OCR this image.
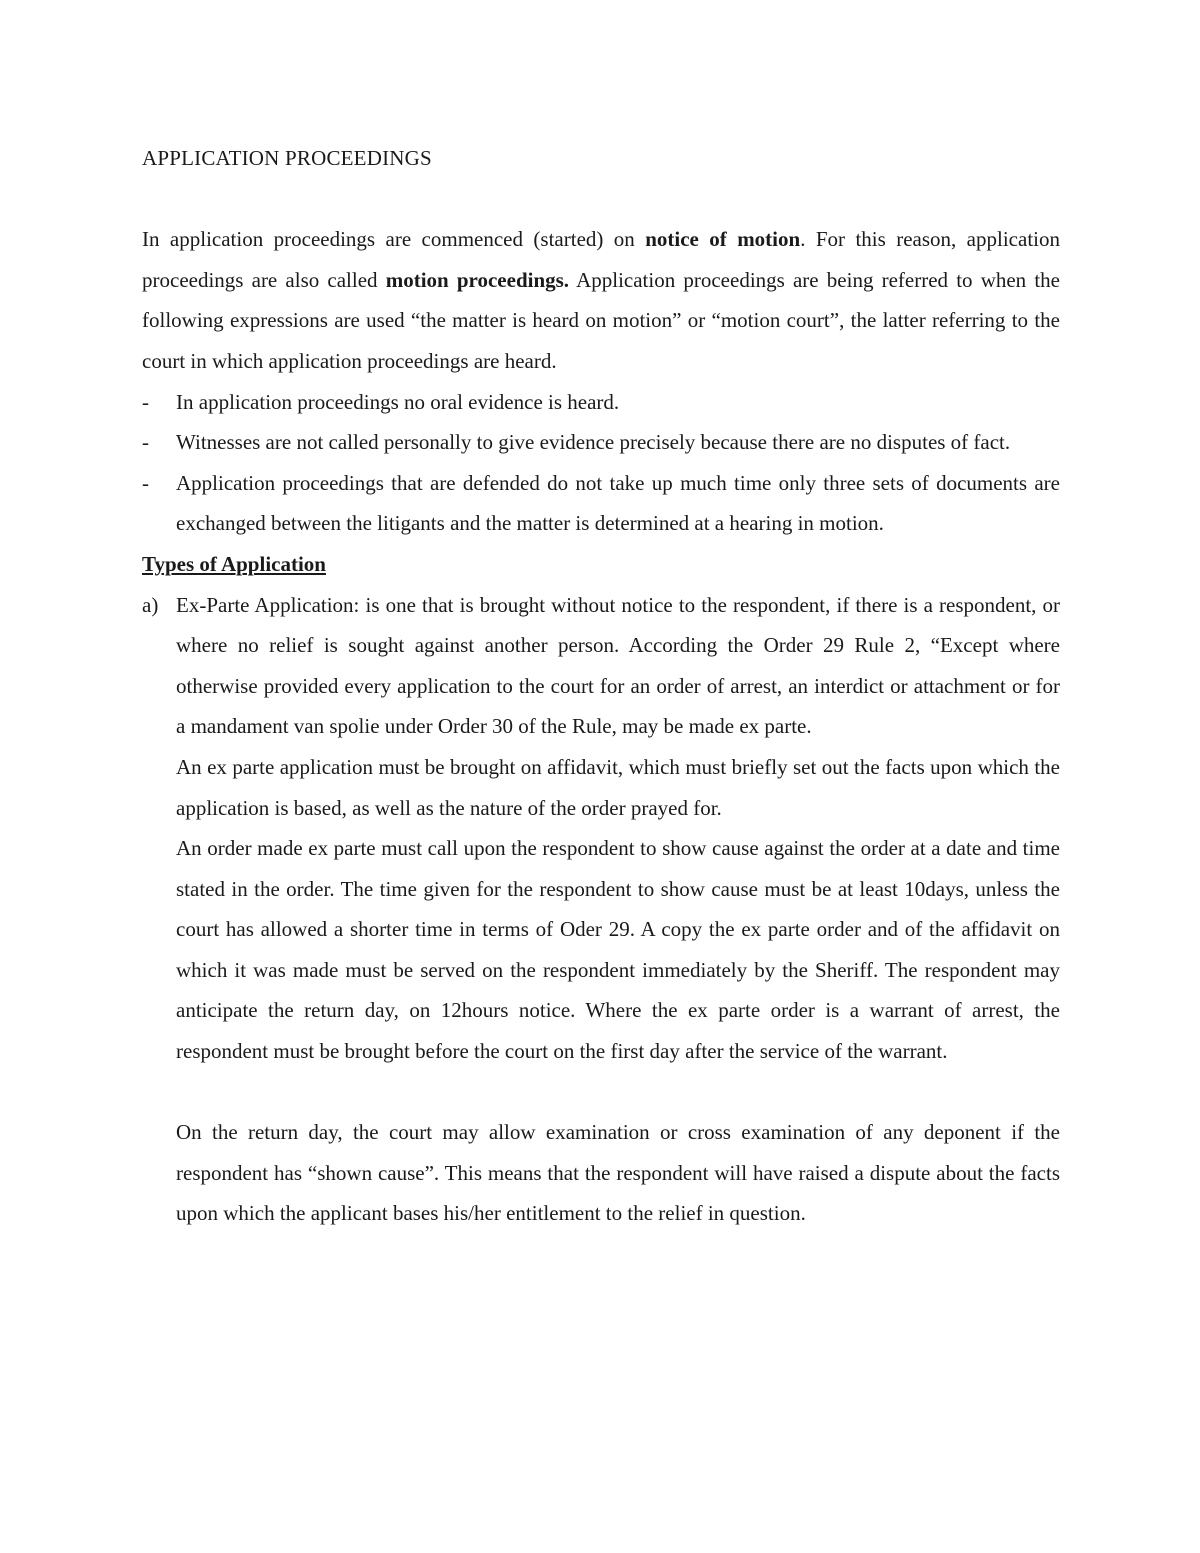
APPLICATION PROCEEDINGS

In application proceedings are commenced (started) on notice of motion. For this reason, application proceedings are also called motion proceedings. Application proceedings are being referred to when the following expressions are used “the matter is heard on motion” or “motion court”, the latter referring to the court in which application proceedings are heard.

- In application proceedings no oral evidence is heard.
- Witnesses are not called personally to give evidence precisely because there are no disputes of fact.
- Application proceedings that are defended do not take up much time only three sets of documents are exchanged between the litigants and the matter is determined at a hearing in motion.
Types of Application
a) Ex-Parte Application: is one that is brought without notice to the respondent, if there is a respondent, or where no relief is sought against another person. According the Order 29 Rule 2, “Except where otherwise provided every application to the court for an order of arrest, an interdict or attachment or for a mandament van spolie under Order 30 of the Rule, may be made ex parte.

An ex parte application must be brought on affidavit, which must briefly set out the facts upon which the application is based, as well as the nature of the order prayed for.

An order made ex parte must call upon the respondent to show cause against the order at a date and time stated in the order. The time given for the respondent to show cause must be at least 10days, unless the court has allowed a shorter time in terms of Oder 29. A copy the ex parte order and of the affidavit on which it was made must be served on the respondent immediately by the Sheriff. The respondent may anticipate the return day, on 12hours notice. Where the ex parte order is a warrant of arrest, the respondent must be brought before the court on the first day after the service of the warrant.

On the return day, the court may allow examination or cross examination of any deponent if the respondent has “shown cause”. This means that the respondent will have raised a dispute about the facts upon which the applicant bases his/her entitlement to the relief in question.
